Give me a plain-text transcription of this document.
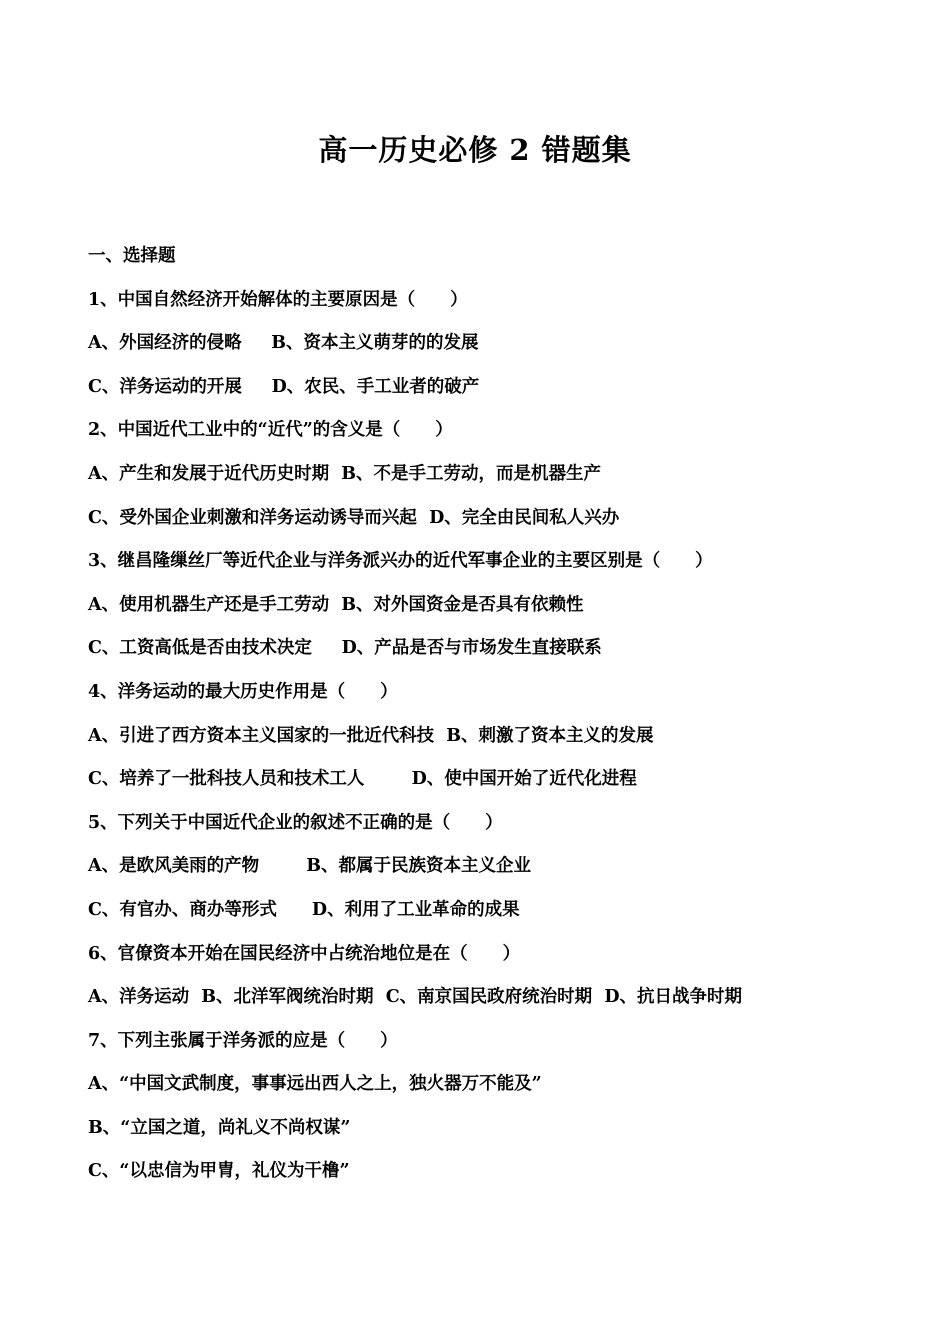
高一历史必修 2 错题集
一、选择题
1、中国自然经济开始解体的主要原因是（　　）
A、外国经济的侵略　  B、资本主义萌芽的的发展
C、洋务运动的开展　  D、农民、手工业者的破产
2、中国近代工业中的“近代”的含义是（　　）
A、产生和发展于近代历史时期  B、不是手工劳动，而是机器生产
C、受外国企业刺激和洋务运动诱导而兴起  D、完全由民间私人兴办
3、继昌隆缫丝厂等近代企业与洋务派兴办的近代军事企业的主要区别是（　　）
A、使用机器生产还是手工劳动  B、对外国资金是否具有依赖性
C、工资高低是否由技术决定　  D、产品是否与市场发生直接联系
4、洋务运动的最大历史作用是（　　）
A、引进了西方资本主义国家的一批近代科技  B、刺激了资本主义的发展
C、培养了一批科技人员和技术工人　　  D、使中国开始了近代化进程
5、下列关于中国近代企业的叙述不正确的是（　　）
A、是欧风美雨的产物　　  B、都属于民族资本主义企业
C、有官办、商办等形式　　D、利用了工业革命的成果
6、官僚资本开始在国民经济中占统治地位是在（　　）
A、洋务运动  B、北洋军阀统治时期  C、南京国民政府统治时期  D、抗日战争时期
7、下列主张属于洋务派的应是（　　）
A、“中国文武制度，事事远出西人之上，独火器万不能及”
B、“立国之道，尚礼义不尚权谋”
C、“以忠信为甲胄，礼仪为干橹”
